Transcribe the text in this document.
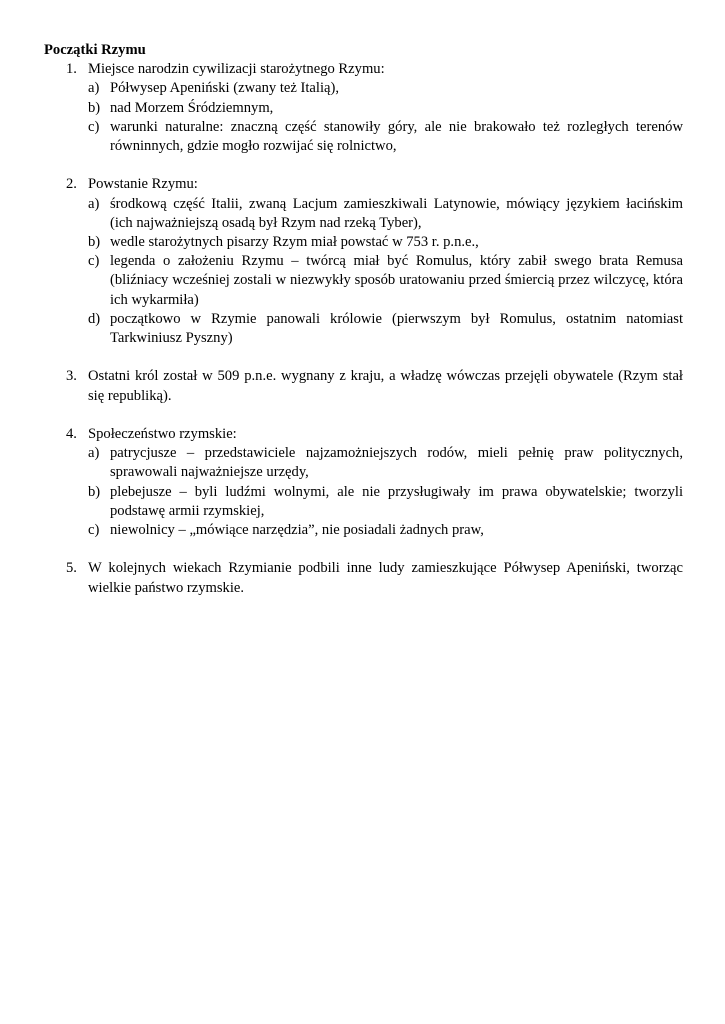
Początki Rzymu

1. Miejsce narodzin cywilizacji starożytnego Rzymu:

a) Półwysep Apeniński (zwany też Italią),
b) nad Morzem Śródziemnym,
c) warunki naturalne: znaczną część stanowiły góry, ale nie brakowało też rozległych terenów równinnych, gdzie mogło rozwijać się rolnictwo,
2. Powstanie Rzymu:

a) środkową część Italii, zwaną Lacjum zamieszkiwali Latynowie, mówiący językiem łacińskim (ich najważniejszą osadą był Rzym nad rzeką Tyber),
b) wedle starożytnych pisarzy Rzym miał powstać w 753 r. p.n.e.,
c) legenda o założeniu Rzymu – twórcą miał być Romulus, który zabił swego brata Remusa (bliźniacy wcześniej zostali w niezwykły sposób uratowaniu przed śmiercią przez wilczycę, która ich wykarmiła)
d) początkowo w Rzymie panowali królowie (pierwszym był Romulus, ostatnim natomiast Tarkwiniusz Pyszny)
3. Ostatni król został w 509 p.n.e. wygnany z kraju, a władzę wówczas przejęli obywatele (Rzym stał się republiką).

4. Społeczeństwo rzymskie:

a) patrycjusze – przedstawiciele najzamożniejszych rodów, mieli pełnię praw politycznych, sprawowali najważniejsze urzędy,
b) plebejusze – byli ludźmi wolnymi, ale nie przysługiwały im prawa obywatelskie; tworzyli podstawę armii rzymskiej,
c) niewolnicy – „mówiące narzędzia”, nie posiadali żadnych praw,
5. W kolejnych wiekach Rzymianie podbili inne ludy zamieszkujące Półwysep Apeniński, tworząc wielkie państwo rzymskie.
